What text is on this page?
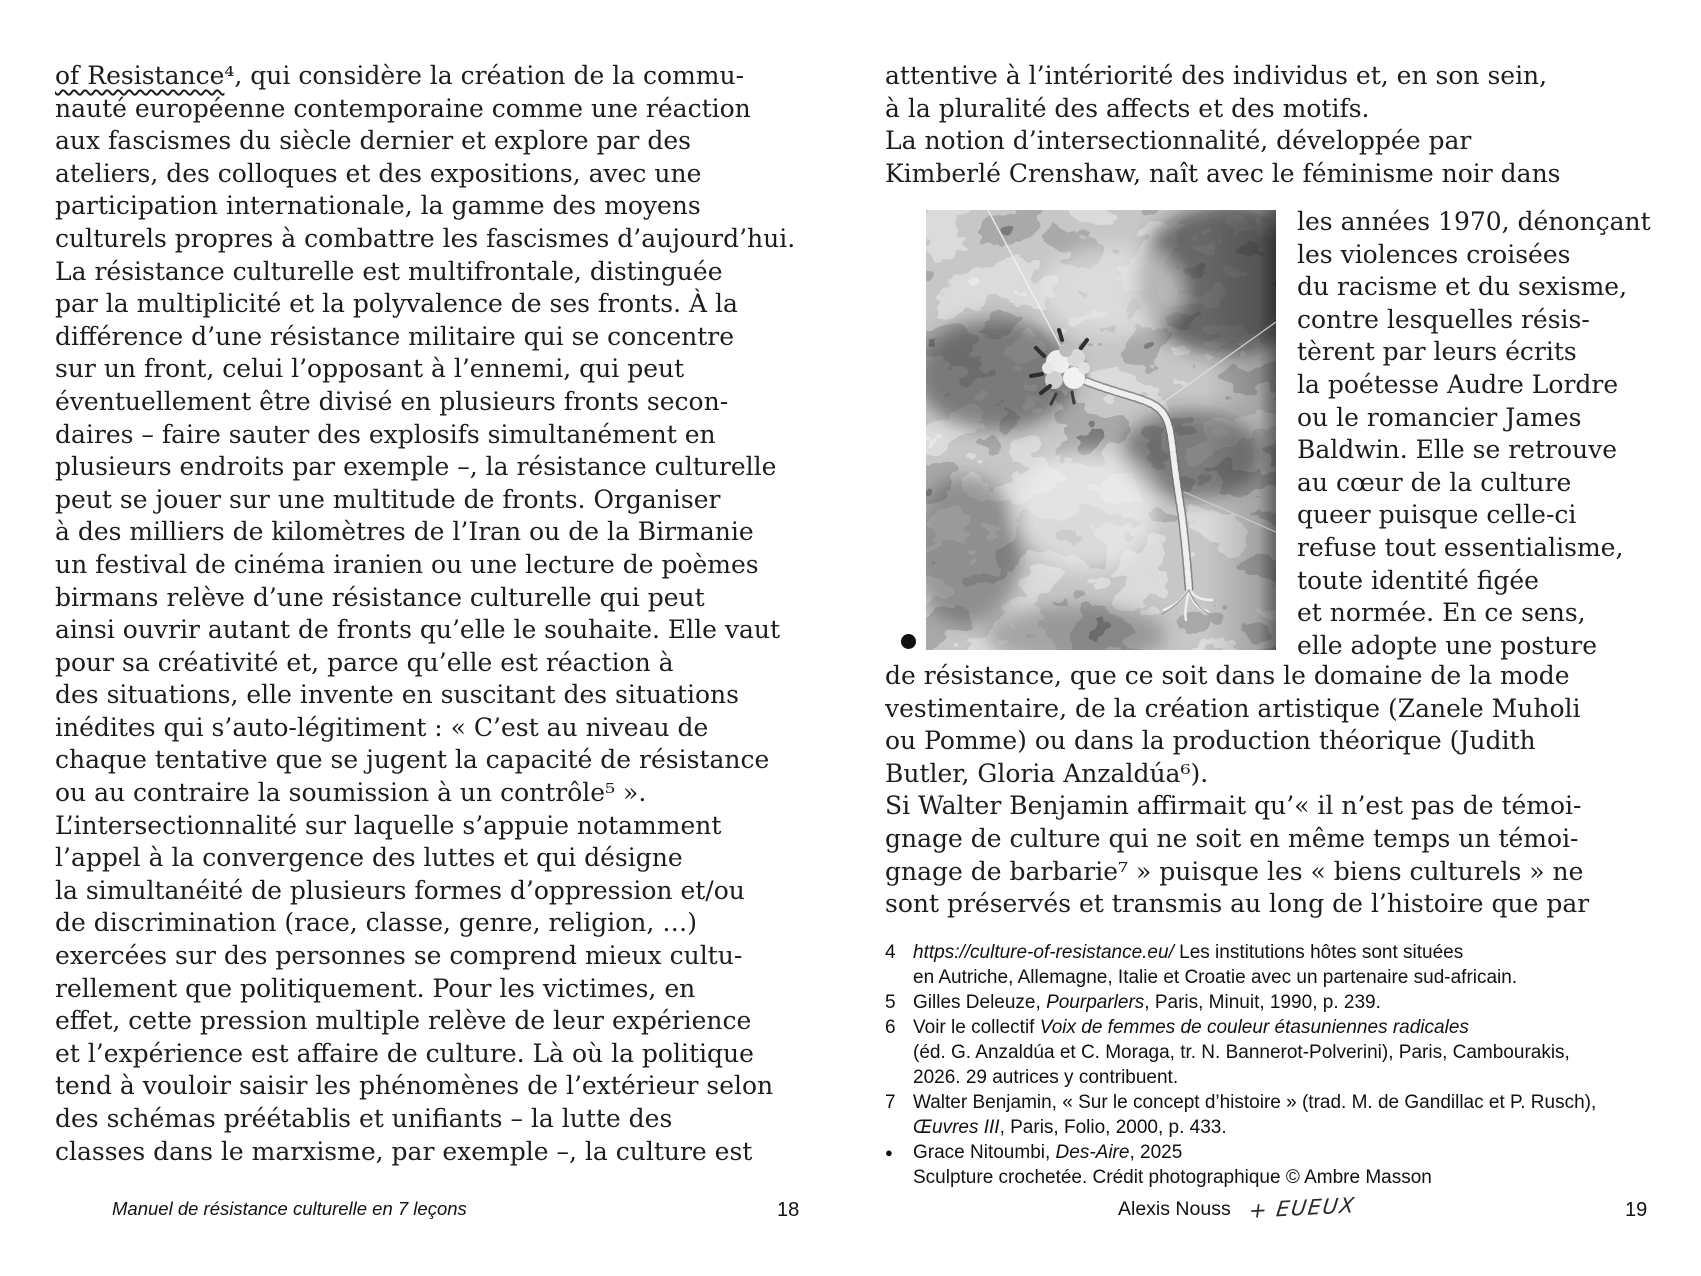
of Resistance⁴, qui considère la création de la commu-
nauté européenne contemporaine comme une réaction
aux fascismes du siècle dernier et explore par des
ateliers, des colloques et des expositions, avec une
participation internationale, la gamme des moyens
culturels propres à combattre les fascismes d’aujourd’hui.
La résistance culturelle est multifrontale, distinguée
par la multiplicité et la polyvalence de ses fronts. À la
différence d’une résistance militaire qui se concentre
sur un front, celui l’opposant à l’ennemi, qui peut
éventuellement être divisé en plusieurs fronts secon-
daires – faire sauter des explosifs simultanément en
plusieurs endroits par exemple –, la résistance culturelle
peut se jouer sur une multitude de fronts. Organiser
à des milliers de kilomètres de l’Iran ou de la Birmanie
un festival de cinéma iranien ou une lecture de poèmes
birmans relève d’une résistance culturelle qui peut
ainsi ouvrir autant de fronts qu’elle le souhaite. Elle vaut
pour sa créativité et, parce qu’elle est réaction à
des situations, elle invente en suscitant des situations
inédites qui s’auto-légitiment : « C’est au niveau de
chaque tentative que se jugent la capacité de résistance
ou au contraire la soumission à un contrôle⁵ ».
L’intersectionnalité sur laquelle s’appuie notamment
l’appel à la convergence des luttes et qui désigne
la simultanéité de plusieurs formes d’oppression et/ou
de discrimination (race, classe, genre, religion, …)
exercées sur des personnes se comprend mieux cultu-
rellement que politiquement. Pour les victimes, en
effet, cette pression multiple relève de leur expérience
et l’expérience est affaire de culture. Là où la politique
tend à vouloir saisir les phénomènes de l’extérieur selon
des schémas préétablis et unifiants – la lutte des
classes dans le marxisme, par exemple –, la culture est
Manuel de résistance culturelle en 7 leçons	18
attentive à l’intériorité des individus et, en son sein,
à la pluralité des affects et des motifs.
La notion d’intersectionnalité, développée par
Kimberlé Crenshaw, naît avec le féminisme noir dans
les années 1970, dénonçant
les violences croisées
du racisme et du sexisme,
contre lesquelles résis-
tèrent par leurs écrits
la poétesse Audre Lordre
ou le romancier James
Baldwin. Elle se retrouve
au cœur de la culture
queer puisque celle-ci
refuse tout essentialisme,
toute identité figée
et normée. En ce sens,
elle adopte une posture
de résistance, que ce soit dans le domaine de la mode
vestimentaire, de la création artistique (Zanele Muholi
ou Pomme) ou dans la production théorique (Judith
Butler, Gloria Anzaldúa⁶).
Si Walter Benjamin affirmait qu’« il n’est pas de témoi-
gnage de culture qui ne soit en même temps un témoi-
gnage de barbarie⁷ » puisque les « biens culturels » ne
sont préservés et transmis au long de l’histoire que par
4 https://culture-of-resistance.eu/ Les institutions hôtes sont situées
en Autriche, Allemagne, Italie et Croatie avec un partenaire sud-africain.
5 Gilles Deleuze, Pourparlers, Paris, Minuit, 1990, p. 239.
6 Voir le collectif Voix de femmes de couleur étasuniennes radicales
(éd. G. Anzaldúa et C. Moraga, tr. N. Bannerot-Polverini), Paris, Cambourakis,
2026. 29 autrices y contribuent.
7 Walter Benjamin, « Sur le concept d’histoire » (trad. M. de Gandillac et P. Rusch),
Œuvres III, Paris, Folio, 2000, p. 433.
●	Grace Nitoumbi, Des-Aire, 2025
Sculpture crochetée. Crédit photographique © Ambre Masson
Alexis Nouss + EUEUX	19
